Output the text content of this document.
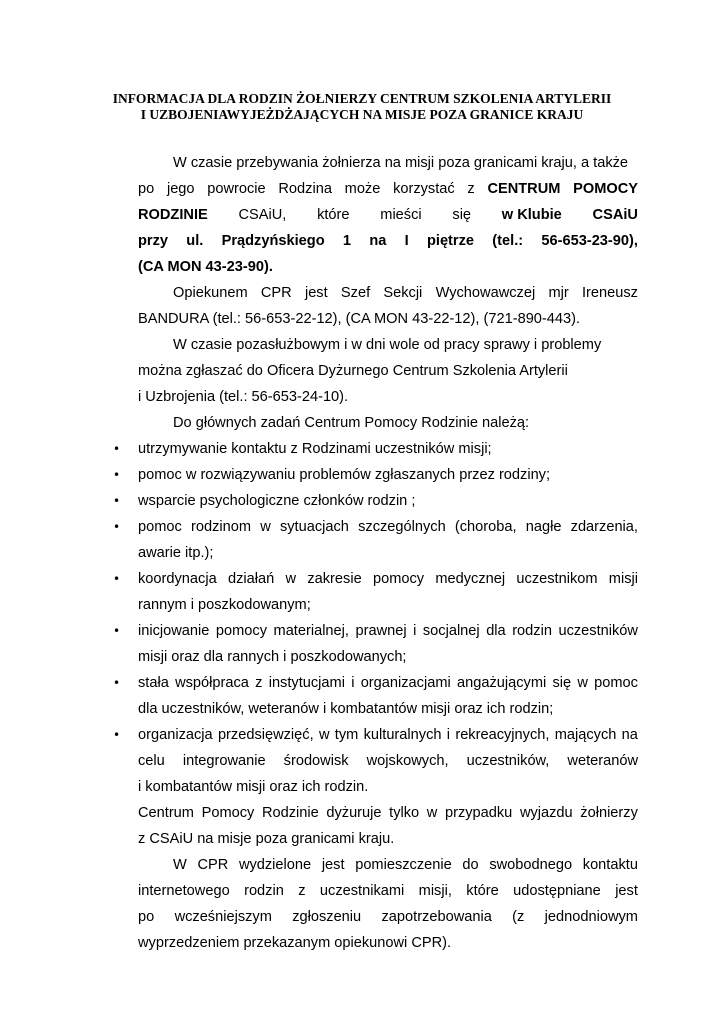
INFORMACJA DLA RODZIN ŻOŁNIERZY CENTRUM SZKOLENIA ARTYLERII
I UZBOJENIAWYJEŻDŻAJĄCYCH NA MISJE POZA GRANICE KRAJU
W czasie przebywania żołnierza na misji poza granicami kraju, a także
po jego powrocie Rodzina może korzystać z CENTRUM POMOCY
RODZINIE CSAiU, które mieści się w Klubie CSAiU
przy ul. Prądzyńskiego 1 na I piętrze (tel.: 56-653-23-90),
(CA MON 43-23-90).
Opiekunem CPR jest Szef Sekcji Wychowawczej mjr Ireneusz
BANDURA (tel.: 56-653-22-12), (CA MON 43-22-12), (721-890-443).
W czasie pozasłużbowym i w dni wole od pracy sprawy i problemy
można zgłaszać do Oficera Dyżurnego Centrum Szkolenia Artylerii
i Uzbrojenia (tel.: 56-653-24-10).
Do głównych zadań Centrum Pomocy Rodzinie należą:
• utrzymywanie kontaktu z Rodzinami uczestników misji;
• pomoc w rozwiązywaniu problemów zgłaszanych przez rodziny;
• wsparcie psychologiczne członków rodzin ;
• pomoc rodzinom w sytuacjach szczególnych (choroba, nagłe zdarzenia,
awarie itp.);
• koordynacja działań w zakresie pomocy medycznej uczestnikom misji
rannym i poszkodowanym;
• inicjowanie pomocy materialnej, prawnej i socjalnej dla rodzin uczestników
misji oraz dla rannych i poszkodowanych;
• stała współpraca z instytucjami i organizacjami angażującymi się w pomoc
dla uczestników, weteranów i kombatantów misji oraz ich rodzin;
• organizacja przedsięwzięć, w tym kulturalnych i rekreacyjnych, mających na
celu integrowanie środowisk wojskowych, uczestników, weteranów
i kombatantów misji oraz ich rodzin.
Centrum Pomocy Rodzinie dyżuruje tylko w przypadku wyjazdu żołnierzy
z CSAiU na misje poza granicami kraju.
W CPR wydzielone jest pomieszczenie do swobodnego kontaktu
internetowego rodzin z uczestnikami misji, które udostępniane jest
po wcześniejszym zgłoszeniu zapotrzebowania (z jednodniowym
wyprzedzeniem przekazanym opiekunowi CPR).
